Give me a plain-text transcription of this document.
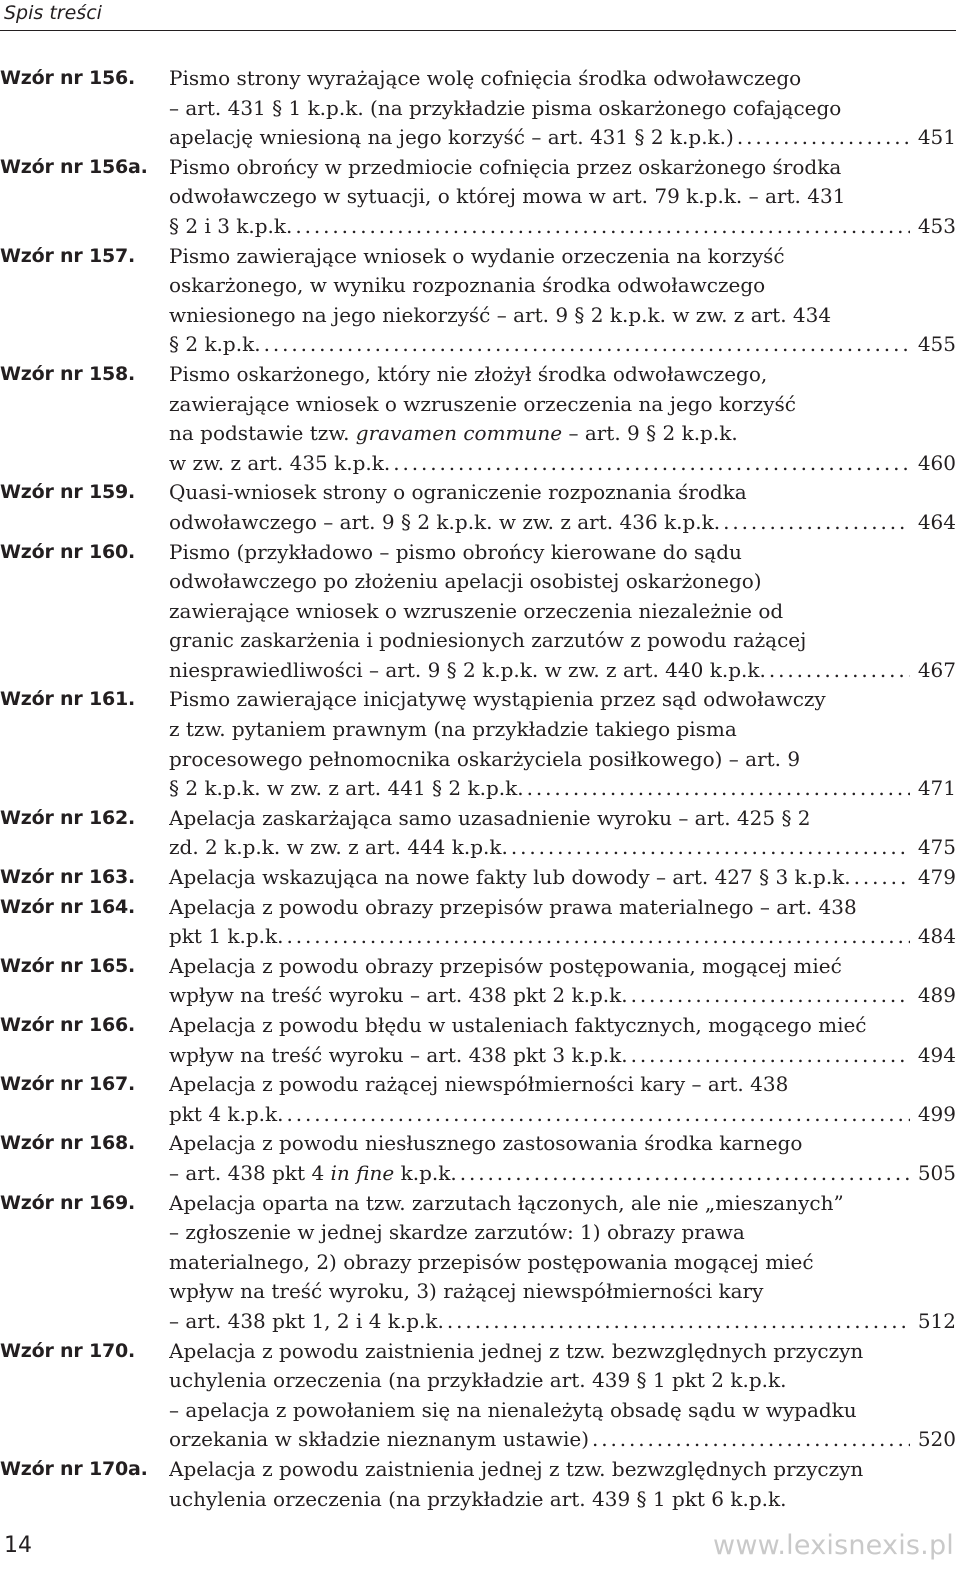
Spis treści
Wzór nr 156.	Pismo strony wyrażające wolę cofnięcia środka odwoławczego
– art. 431 § 1 k.p.k. (na przykładzie pisma oskarżonego cofającego
apelację wniesioną na jego korzyść – art. 431 § 2 k.p.k.) .....	451
Wzór nr 156a.	Pismo obrońcy w przedmiocie cofnięcia przez oskarżonego środka
odwoławczego w sytuacji, o której mowa w art. 79 k.p.k. – art. 431
§ 2 i 3 k.p.k. .....	453
Wzór nr 157.	Pismo zawierające wniosek o wydanie orzeczenia na korzyść
oskarżonego, w wyniku rozpoznania środka odwoławczego
wniesionego na jego niekorzyść – art. 9 § 2 k.p.k. w zw. z art. 434
§ 2 k.p.k. .....	455
Wzór nr 158.	Pismo oskarżonego, który nie złożył środka odwoławczego,
zawierające wniosek o wzruszenie orzeczenia na jego korzyść
na podstawie tzw. gravamen commune – art. 9 § 2 k.p.k.
w zw. z art. 435 k.p.k. .....	460
Wzór nr 159.	Quasi-wniosek strony o ograniczenie rozpoznania środka
odwoławczego – art. 9 § 2 k.p.k. w zw. z art. 436 k.p.k. .....	464
Wzór nr 160.	Pismo (przykładowo – pismo obrońcy kierowane do sądu
odwoławczego po złożeniu apelacji osobistej oskarżonego)
zawierające wniosek o wzruszenie orzeczenia niezależnie od
granic zaskarżenia i podniesionych zarzutów z powodu rażącej
niesprawiedliwości – art. 9 § 2 k.p.k. w zw. z art. 440 k.p.k. .....	467
Wzór nr 161.	Pismo zawierające inicjatywę wystąpienia przez sąd odwoławczy
z tzw. pytaniem prawnym (na przykładzie takiego pisma
procesowego pełnomocnika oskarżyciela posiłkowego) – art. 9
§ 2 k.p.k. w zw. z art. 441 § 2 k.p.k. .....	471
Wzór nr 162.	Apelacja zaskarżająca samo uzasadnienie wyroku – art. 425 § 2
zd. 2 k.p.k. w zw. z art. 444 k.p.k. .....	475
Wzór nr 163.	Apelacja wskazująca na nowe fakty lub dowody – art. 427 § 3 k.p.k. .....	479
Wzór nr 164.	Apelacja z powodu obrazy przepisów prawa materialnego – art. 438
pkt 1 k.p.k. .....	484
Wzór nr 165.	Apelacja z powodu obrazy przepisów postępowania, mogącej mieć
wpływ na treść wyroku – art. 438 pkt 2 k.p.k. .....	489
Wzór nr 166.	Apelacja z powodu błędu w ustaleniach faktycznych, mogącego mieć
wpływ na treść wyroku – art. 438 pkt 3 k.p.k. .....	494
Wzór nr 167.	Apelacja z powodu rażącej niewspółmierności kary – art. 438
pkt 4 k.p.k. .....	499
Wzór nr 168.	Apelacja z powodu niesłusznego zastosowania środka karnego
– art. 438 pkt 4 in fine k.p.k. .....	505
Wzór nr 169.	Apelacja oparta na tzw. zarzutach łączonych, ale nie „mieszanych”
– zgłoszenie w jednej skardze zarzutów: 1) obrazy prawa
materialnego, 2) obrazy przepisów postępowania mogącej mieć
wpływ na treść wyroku, 3) rażącej niewspółmierności kary
– art. 438 pkt 1, 2 i 4 k.p.k. .....	512
Wzór nr 170.	Apelacja z powodu zaistnienia jednej z tzw. bezwzględnych przyczyn
uchylenia orzeczenia (na przykładzie art. 439 § 1 pkt 2 k.p.k.
– apelacja z powołaniem się na nienależytą obsadę sądu w wypadku
orzekania w składzie nieznanym ustawie) .....	520
Wzór nr 170a.	Apelacja z powodu zaistnienia jednej z tzw. bezwzględnych przyczyn
uchylenia orzeczenia (na przykładzie art. 439 § 1 pkt 6 k.p.k.
14	www.lexisnexis.pl
